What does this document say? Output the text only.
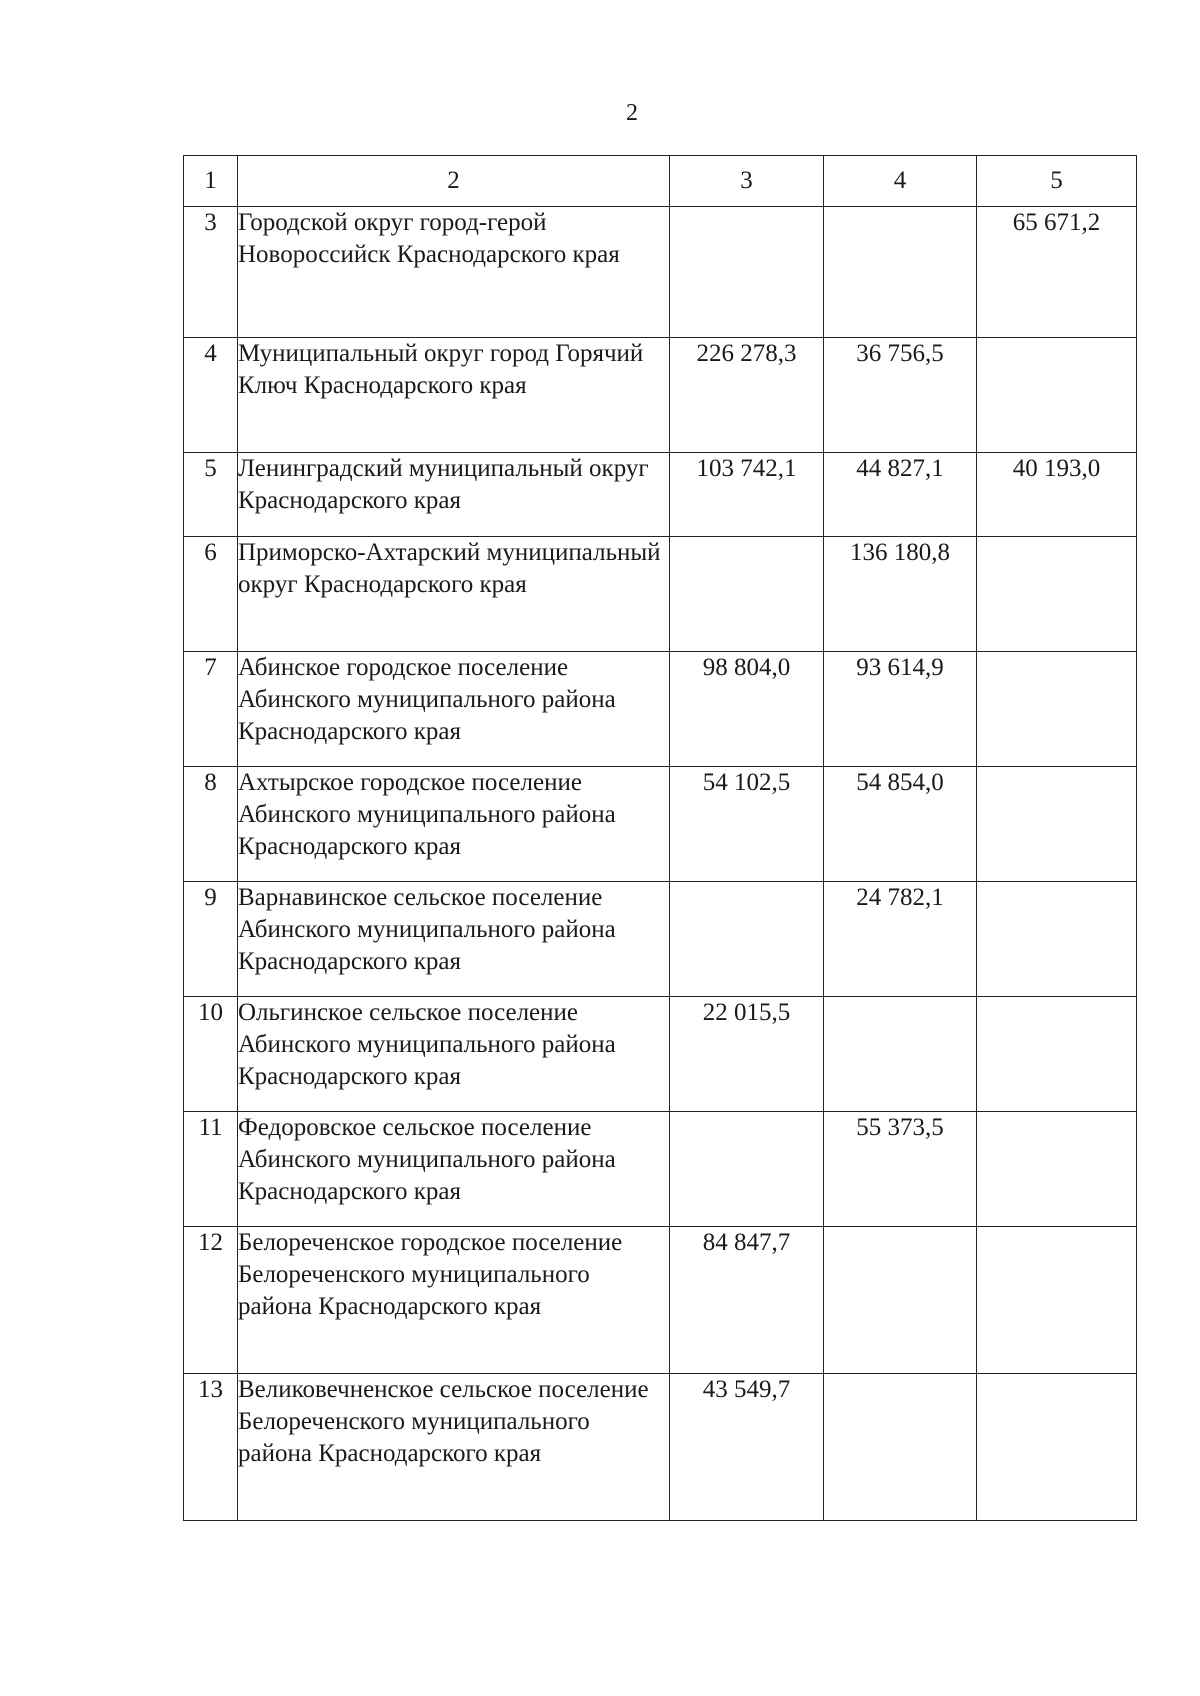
2
1	2	3	4	5
3	Городской округ город-герой Новороссийск Краснодарского края			65 671,2
4	Муниципальный округ город Горячий Ключ Краснодарского края	226 278,3	36 756,5	
5	Ленинградский муниципальный округ Краснодарского края	103 742,1	44 827,1	40 193,0
6	Приморско-Ахтарский муниципальный округ Краснодарского края		136 180,8	
7	Абинское городское поселение Абинского муниципального района Краснодарского края	98 804,0	93 614,9	
8	Ахтырское городское поселение Абинского муниципального района Краснодарского края	54 102,5	54 854,0	
9	Варнавинское сельское поселение Абинского муниципального района Краснодарского края		24 782,1	
10	Ольгинское сельское поселение Абинского муниципального района Краснодарского края	22 015,5		
11	Федоровское сельское поселение Абинского муниципального района Краснодарского края		55 373,5	
12	Белореченское городское поселение Белореченского муниципального района Краснодарского края	84 847,7		
13	Великовечненское сельское поселение Белореченского муниципального района Краснодарского края	43 549,7		
